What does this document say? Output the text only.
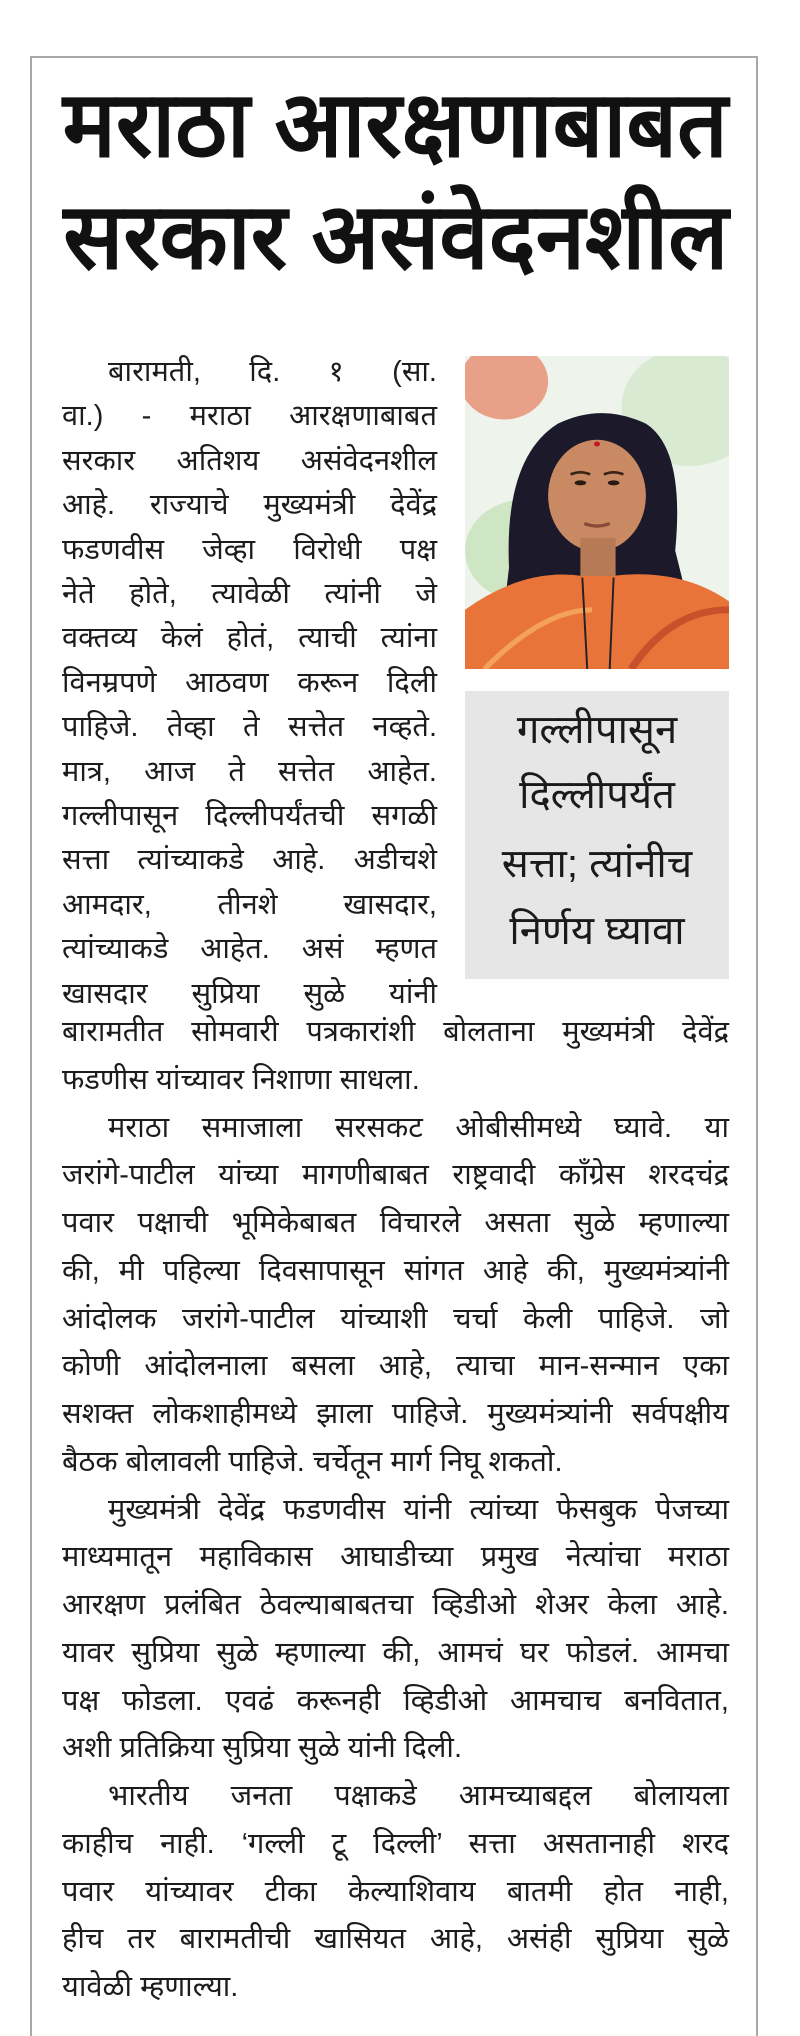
मराठा आरक्षणाबाबत
सरकार असंवेदनशील
बारामती, दि. १ (सा.
वा.) - मराठा आरक्षणाबाबत
सरकार अतिशय असंवेदनशील
आहे. राज्याचे मुख्यमंत्री देवेंद्र
फडणवीस जेव्हा विरोधी पक्ष
नेते होते, त्यावेळी त्यांनी जे
वक्तव्य केलं होतं, त्याची त्यांना
विनम्रपणे आठवण करून दिली
पाहिजे. तेव्हा ते सत्तेत नव्हते.
मात्र, आज ते सत्तेत आहेत.
गल्लीपासून दिल्लीपर्यंतची सगळी
सत्ता त्यांच्याकडे आहे. अडीचशे
आमदार, तीनशे खासदार,
त्यांच्याकडे आहेत. असं म्हणत
खासदार सुप्रिया सुळे यांनी
बारामतीत सोमवारी पत्रकारांशी बोलताना मुख्यमंत्री देवेंद्र
फडणीस यांच्यावर निशाणा साधला.
मराठा समाजाला सरसकट ओबीसीमध्ये घ्यावे. या
जरांगे-पाटील यांच्या मागणीबाबत राष्ट्रवादी काँग्रेस शरदचंद्र
पवार पक्षाची भूमिकेबाबत विचारले असता सुळे म्हणाल्या
की, मी पहिल्या दिवसापासून सांगत आहे की, मुख्यमंत्र्यांनी
आंदोलक जरांगे-पाटील यांच्याशी चर्चा केली पाहिजे. जो
कोणी आंदोलनाला बसला आहे, त्याचा मान-सन्मान एका
सशक्त लोकशाहीमध्ये झाला पाहिजे. मुख्यमंत्र्यांनी सर्वपक्षीय
बैठक बोलावली पाहिजे. चर्चेतून मार्ग निघू शकतो.
मुख्यमंत्री देवेंद्र फडणवीस यांनी त्यांच्या फेसबुक पेजच्या
माध्यमातून महाविकास आघाडीच्या प्रमुख नेत्यांचा मराठा
आरक्षण प्रलंबित ठेवल्याबाबतचा व्हिडीओ शेअर केला आहे.
यावर सुप्रिया सुळे म्हणाल्या की, आमचं घर फोडलं. आमचा
पक्ष फोडला. एवढं करूनही व्हिडीओ आमचाच बनवितात,
अशी प्रतिक्रिया सुप्रिया सुळे यांनी दिली.
भारतीय जनता पक्षाकडे आमच्याबद्दल बोलायला
काहीच नाही. ‘गल्ली टू दिल्ली’ सत्ता असतानाही शरद
पवार यांच्यावर टीका केल्याशिवाय बातमी होत नाही,
हीच तर बारामतीची खासियत आहे, असंही सुप्रिया सुळे
यावेळी म्हणाल्या.
गल्लीपासून
दिल्लीपर्यंत
सत्ता; त्यांनीच
निर्णय घ्यावा
